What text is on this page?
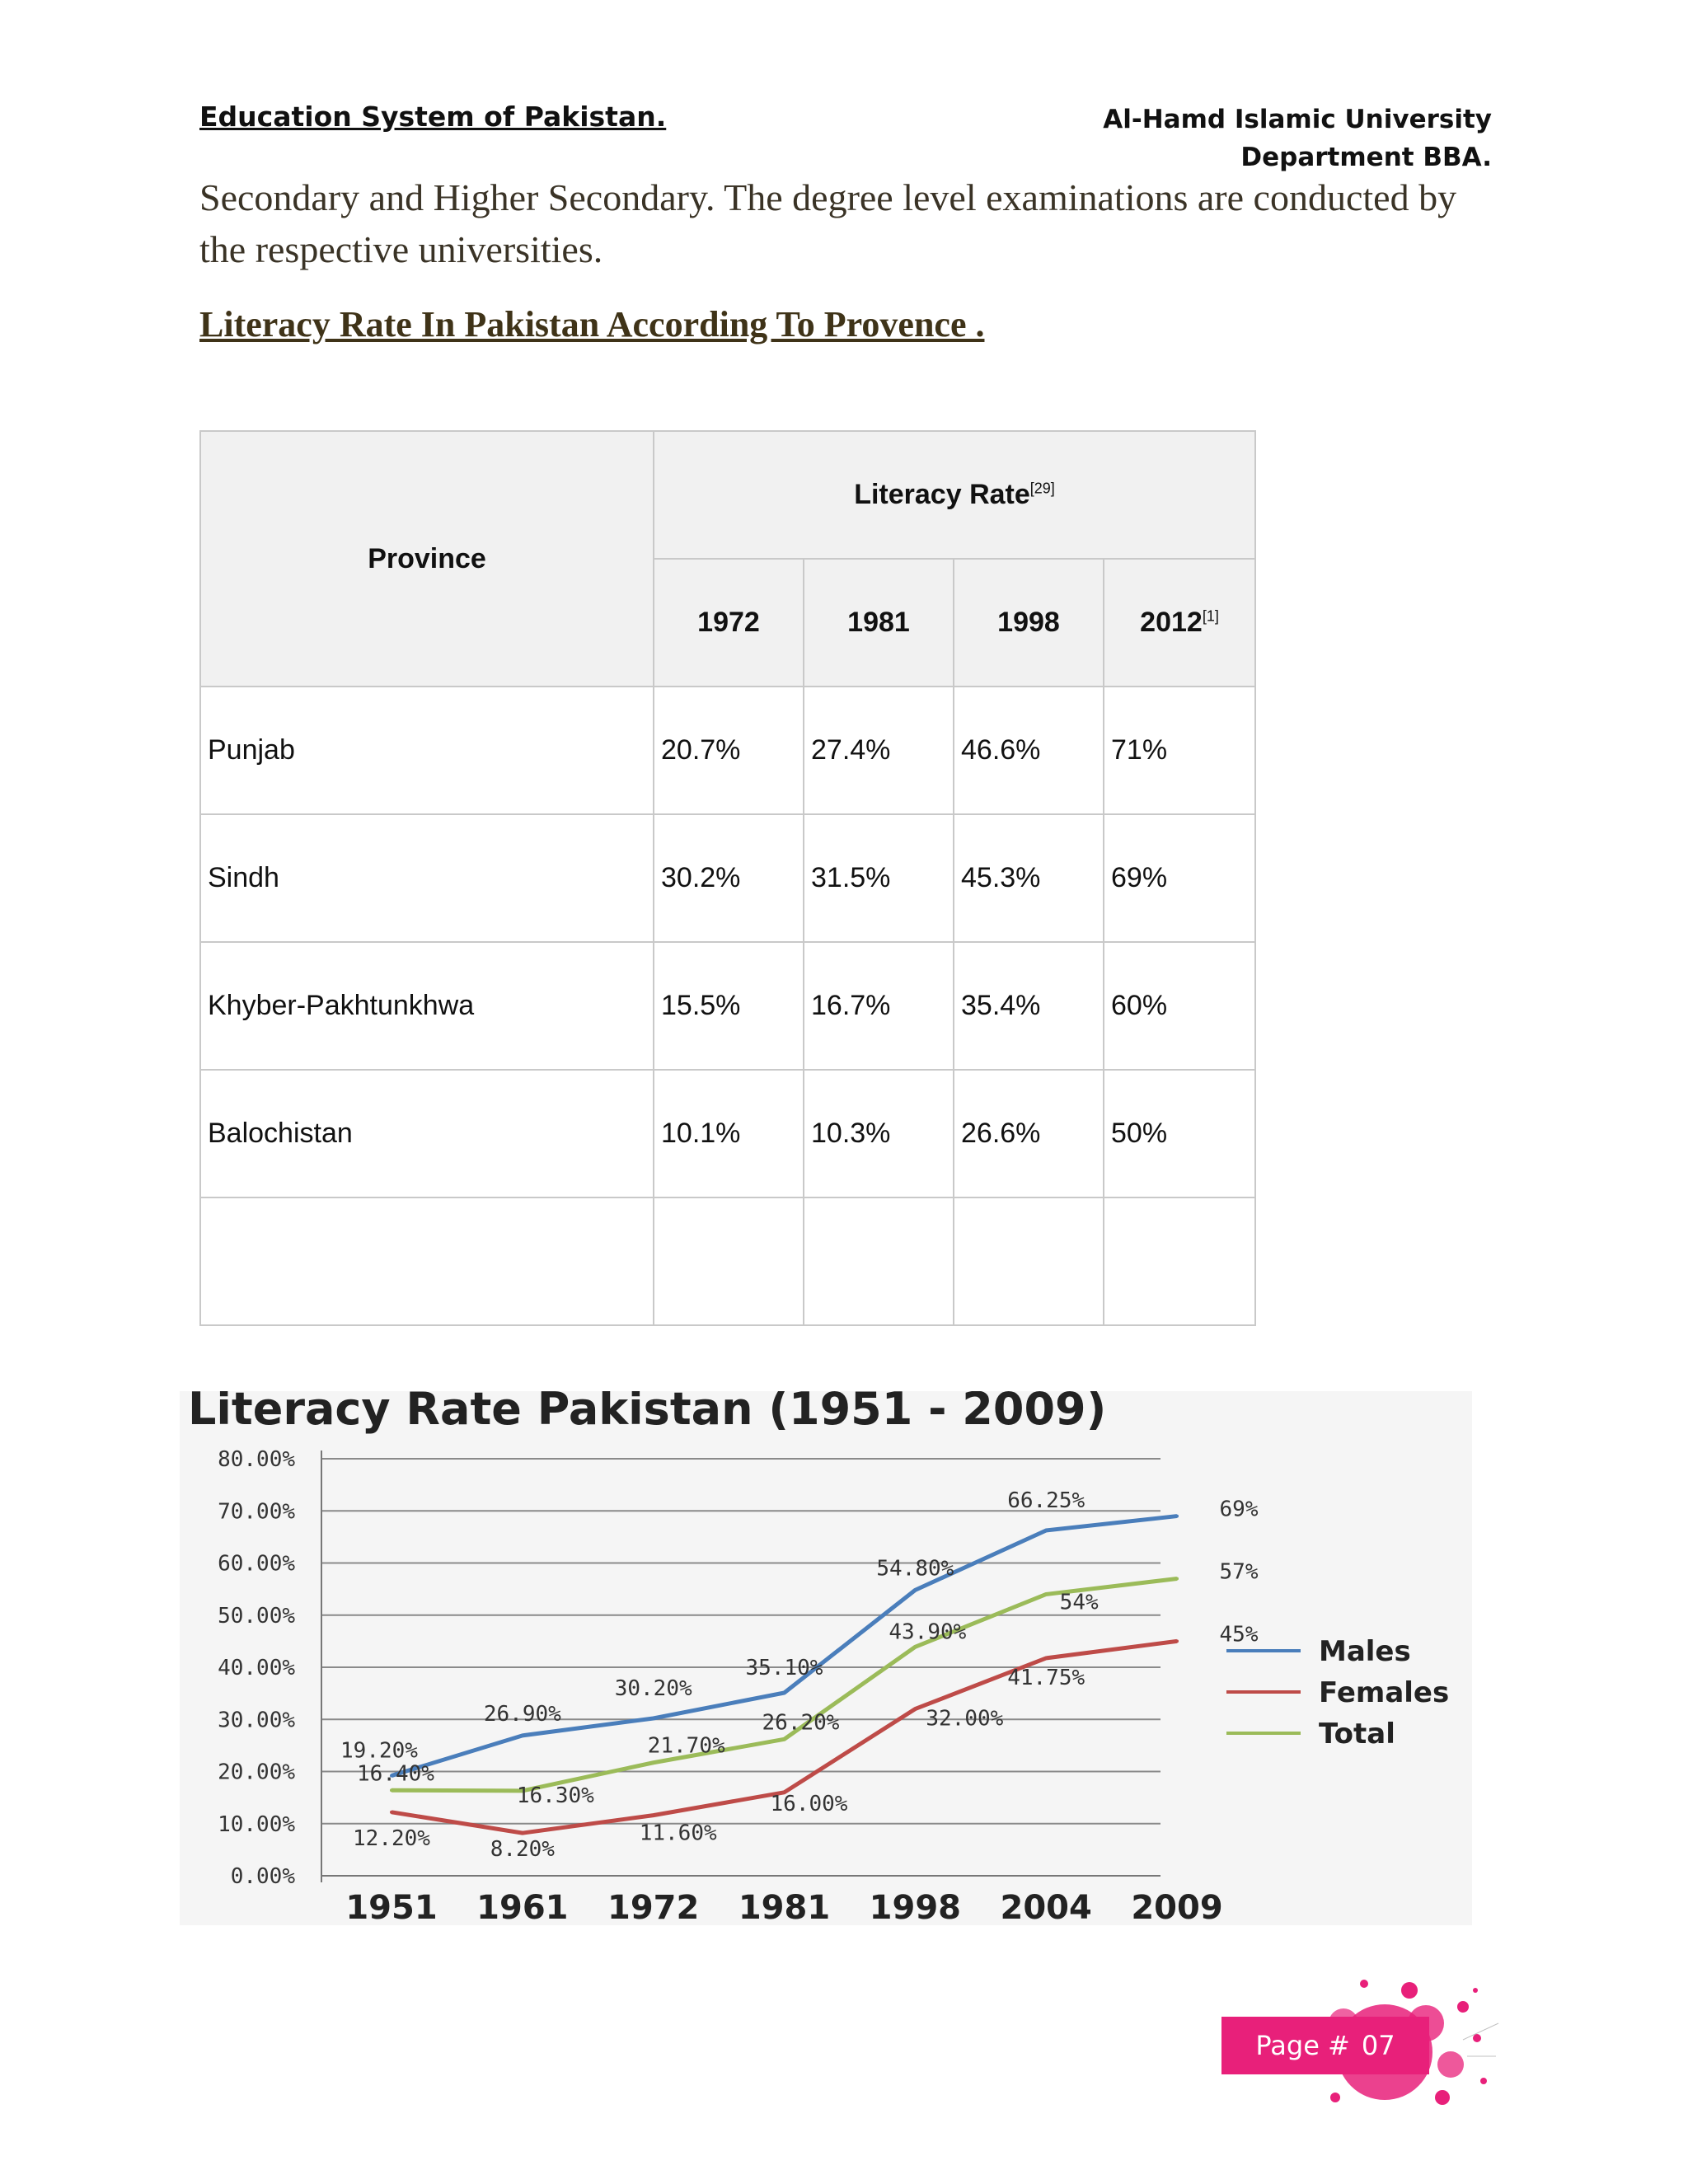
Education System of Pakistan.	Al-Hamd Islamic University
Department BBA.
Secondary and Higher Secondary. The degree level examinations are conducted by the respective universities.
Literacy Rate In Pakistan According To Provence .
Province	Literacy Rate[29]
	1972	1981	1998	2012[1]
Punjab	20.7%	27.4%	46.6%	71%
Sindh	30.2%	31.5%	45.3%	69%
Khyber-Pakhtunkhwa	15.5%	16.7%	35.4%	60%
Balochistan	10.1%	10.3%	26.6%	50%

Literacy Rate Pakistan (1951 - 2009)
0.00%
10.00%
20.00%
30.00%
40.00%
50.00%
60.00%
70.00%
80.00%
1951 1961 1972 1981 1998 2004 2009
19.20%
26.90%
30.20%
35.10%
54.80%
66.25%	69%
12.20%	8.20%
11.60%
16.00%
32.00%
41.75%
45%
16.40%
16.30%
21.70%
26.20%
43.90%
54%
57%
Males
Females
Total
Page # 07
